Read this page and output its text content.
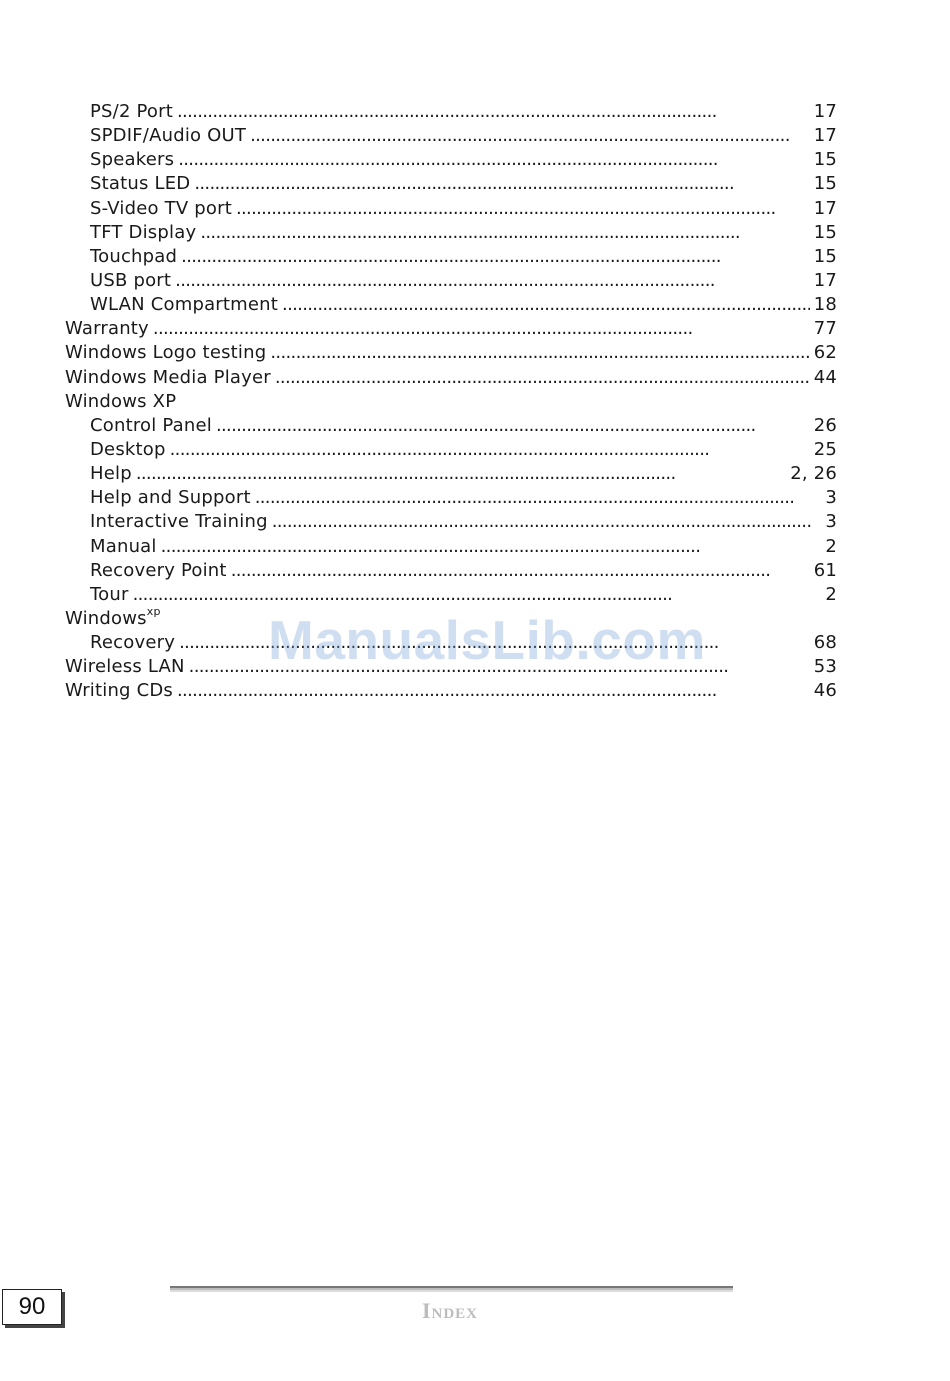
PS/2 Port . . .	17
SPDIF/Audio OUT . . .	17
Speakers . . .	15
Status LED . . .	15
S-Video TV port . . .	17
TFT Display . . .	15
Touchpad . . .	15
USB port . . .	17
WLAN Compartment . . .	18
Warranty . . .	77
Windows Logo testing . . .	62
Windows Media Player . . .	44
Windows XP
Control Panel . . .	26
Desktop . . .	25
Help . . .	2, 26
Help and Support . . .	3
Interactive Training . . .	3
Manual . . .	2
Recovery Point . . .	61
Tour . . .	2
Windows$^{xp}$
Recovery . . .	68
Wireless LAN . . .	53
Writing CDs . . .	46
ManualsLib.com
90	Index
